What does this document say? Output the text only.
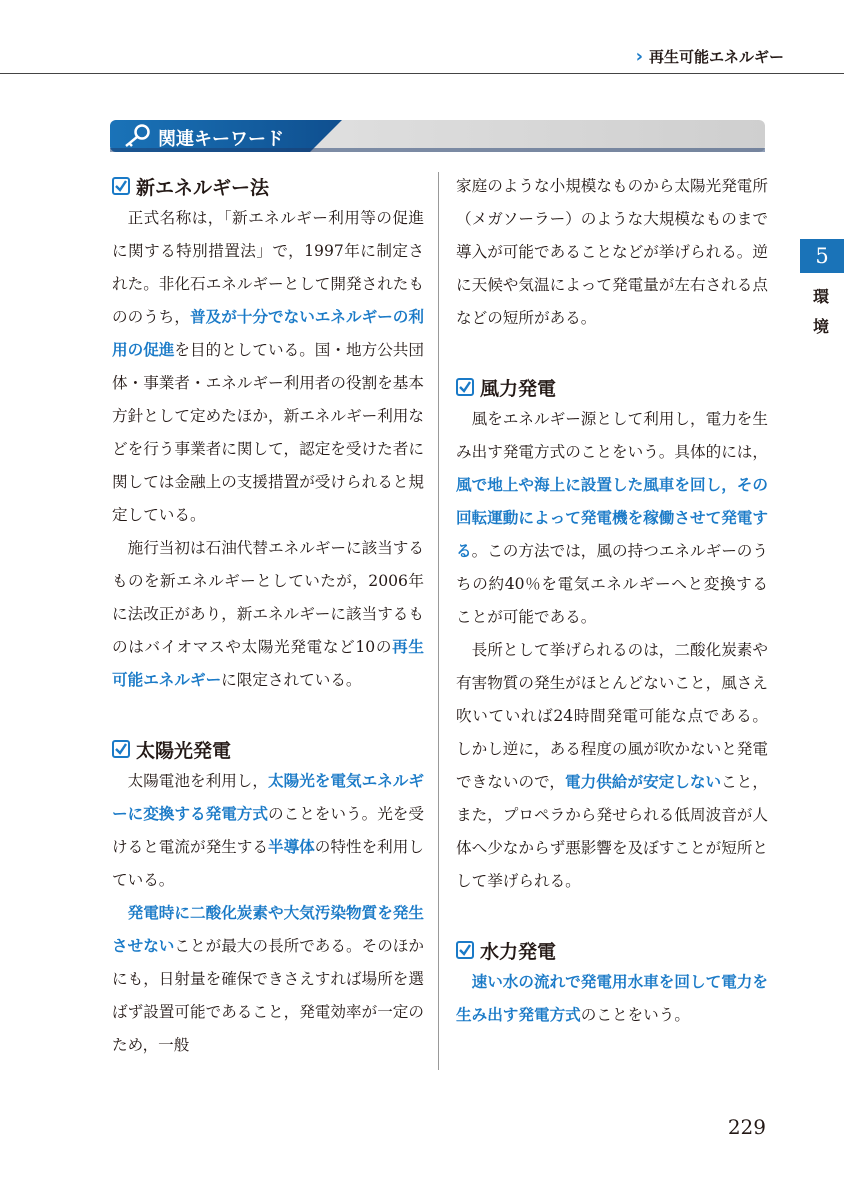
› 再生可能エネルギー
5
環境
関連キーワード
新エネルギー法

正式名称は，「新エネルギー利用等の促進に関する特別措置法」で，1997年に制定された。非化石エネルギーとして開発されたもののうち，普及が十分でないエネルギーの利用の促進を目的としている。国・地方公共団体・事業者・エネルギー利用者の役割を基本方針として定めたほか，新エネルギー利用などを行う事業者に関して，認定を受けた者に関しては金融上の支援措置が受けられると規定している。

施行当初は石油代替エネルギーに該当するものを新エネルギーとしていたが，2006年に法改正があり，新エネルギーに該当するものはバイオマスや太陽光発電など10の再生可能エネルギーに限定されている。

太陽光発電

太陽電池を利用し，太陽光を電気エネルギーに変換する発電方式のことをいう。光を受けると電流が発生する半導体の特性を利用している。

発電時に二酸化炭素や大気汚染物質を発生させないことが最大の長所である。そのほかにも，日射量を確保できさえすれば場所を選ばず設置可能であること，発電効率が一定のため，一般

家庭のような小規模なものから太陽光発電所（メガソーラー）のような大規模なものまで導入が可能であることなどが挙げられる。逆に天候や気温によって発電量が左右される点などの短所がある。

風力発電

風をエネルギー源として利用し，電力を生み出す発電方式のことをいう。具体的には，風で地上や海上に設置した風車を回し，その回転運動によって発電機を稼働させて発電する。この方法では，風の持つエネルギーのうちの約40％を電気エネルギーへと変換することが可能である。

長所として挙げられるのは，二酸化炭素や有害物質の発生がほとんどないこと，風さえ吹いていれば24時間発電可能な点である。しかし逆に，ある程度の風が吹かないと発電できないので，電力供給が安定しないこと，また，プロペラから発せられる低周波音が人体へ少なからず悪影響を及ぼすことが短所として挙げられる。

水力発電

速い水の流れで発電用水車を回して電力を生み出す発電方式のことをいう。

229
